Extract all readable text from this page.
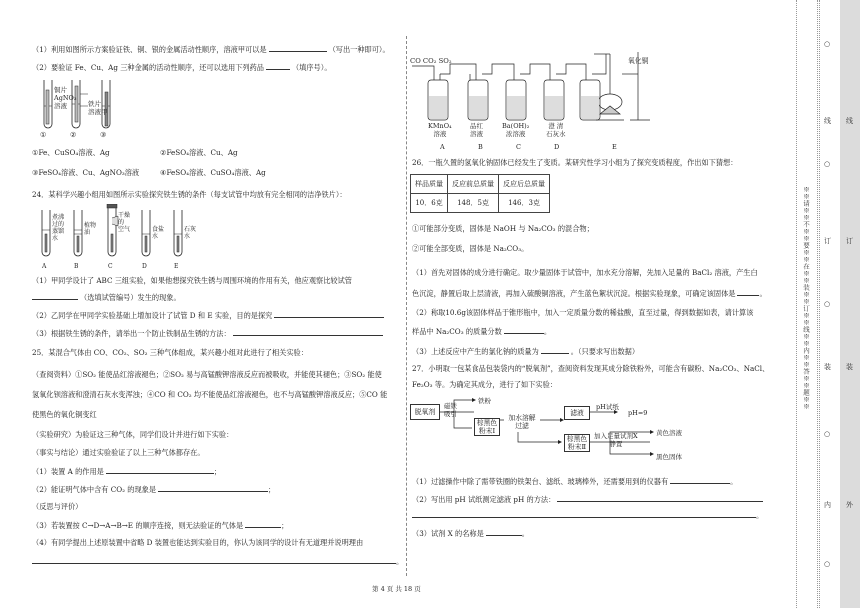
（1）利用如图所示方案验证铁、铜、银的金属活动性顺序，溶液甲可以是	（写出一种即可）。
（2）要验证 Fe、Cu、Ag 三种金属的活动性顺序，还可以选用下列药品	（填序号）。
铜片
AgNO₃
溶液	铁片
溶液甲
①	②	③
①Fe、CuSO₄溶液、Ag	②FeSO₄溶液、Cu、Ag
③FeSO₄溶液、Cu、AgNO₃溶液	④FeSO₄溶液、CuSO₄溶液、Ag
24．某科学兴趣小组用如图所示实验探究铁生锈的条件（每支试管中均放有完全相同的洁净铁片）：
煮沸
过的
蒸馏
水
植物
油
干燥
的
空气	食盐
水
石灰
水
A	B	C	D	E
（1）甲同学设计了 ABC 三组实验，如果他想探究铁生锈与周围环境的作用有关，他应观察比较试管
（选填试管编号）发生的现象。
（2）乙同学在甲同学实验基础上增加设计了试管 D 和 E 实验，目的是探究
（3）根据铁生锈的条件，请举出一个防止铁制品生锈的方法：
25．某混合气体由 CO、CO₂、SO₂ 三种气体组成，某兴趣小组对此进行了相关实验：
（查阅资料）①SO₂ 能使品红溶液褪色；②SO₂ 易与高锰酸钾溶液反应而被吸收，并能使其褪色；③SO₂ 能使
氢氧化钡溶液和澄清石灰水变浑浊；④CO 和 CO₂ 均不能使品红溶液褪色，也不与高锰酸钾溶液反应；⑤CO 能
使黑色的氧化铜变红
（实验研究）为验证这三种气体，同学们设计并进行如下实验：
（事实与结论）通过实验验证了以上三种气体都存在。
（1）装置 A 的作用是	；
（2）能证明气体中含有 CO₂ 的现象是	；
（反思与评价）
（3）若装置按 C→D→A→B→E 的顺序连接，则无法验证的气体是	；
（4）有同学提出上述原装置中省略 D 装置也能达到实验目的，你认为该同学的设计有无道理并说明理由
。
CO CO₂ SO₂	氧化铜
KMnO₄
溶液
品红
溶液
Ba(OH)₂
浓溶液
澄 清
石灰水
A	B	C	D	E
26．一瓶久置的氢氧化钠固体已经发生了变质。某研究性学习小组为了探究变质程度，作出如下猜想：
样品质量	反应前总质量	反应后总质量
10．6克	148．5克	146．3克
①可能部分变质，固体是 NaOH 与 Na₂CO₃ 的混合物；
②可能全部变质，固体是 Na₂CO₃。
（1）首先对固体的成分进行确定。取少量固体于试管中，加水充分溶解，先加入足量的 BaCl₂ 溶液，产生白
色沉淀，静置后取上层清液，再加入硫酸铜溶液，产生蓝色絮状沉淀。根据实验现象，可确定该固体是	。
（2）称取10.6g该固体样品于锥形瓶中，加入一定质量分数的稀盐酸，直至过量，得到数据如表，请计算该
样品中 Na₂CO₃ 的质量分数	。
（3）上述反应中产生的氯化钠的质量为	。（只要求写出数据）
27．小明取一包某食品包装袋内的“脱氧剂”，查阅资料发现其成分除铁粉外，可能含有碳粉、Na₂CO₃、NaCl、
Fe₂O₃ 等。为确定其成分，进行了如下实验：
脱氧剂
磁铁
吸引
铁粉
棕黑色
粉末Ⅰ
加水溶解
过滤
滤液
pH试纸
pH=9
棕黑色
粉末Ⅱ
加入足量试剂X
静置
黄色溶液
黑色固体
（1）过滤操作中除了需带铁圈的铁架台、滤纸、玻璃棒外，还需要用到的仪器有	。
（2）写出用 pH 试纸测定滤液 pH 的方法：
。
（3）试剂 X 的名称是	。
第 4 页 共 18 页
※※请※※不※※要※※在※※装※※订※※线※※内※※答※※题※※
○
线
○
订
○
装
○
内
○
线
订
装
外
